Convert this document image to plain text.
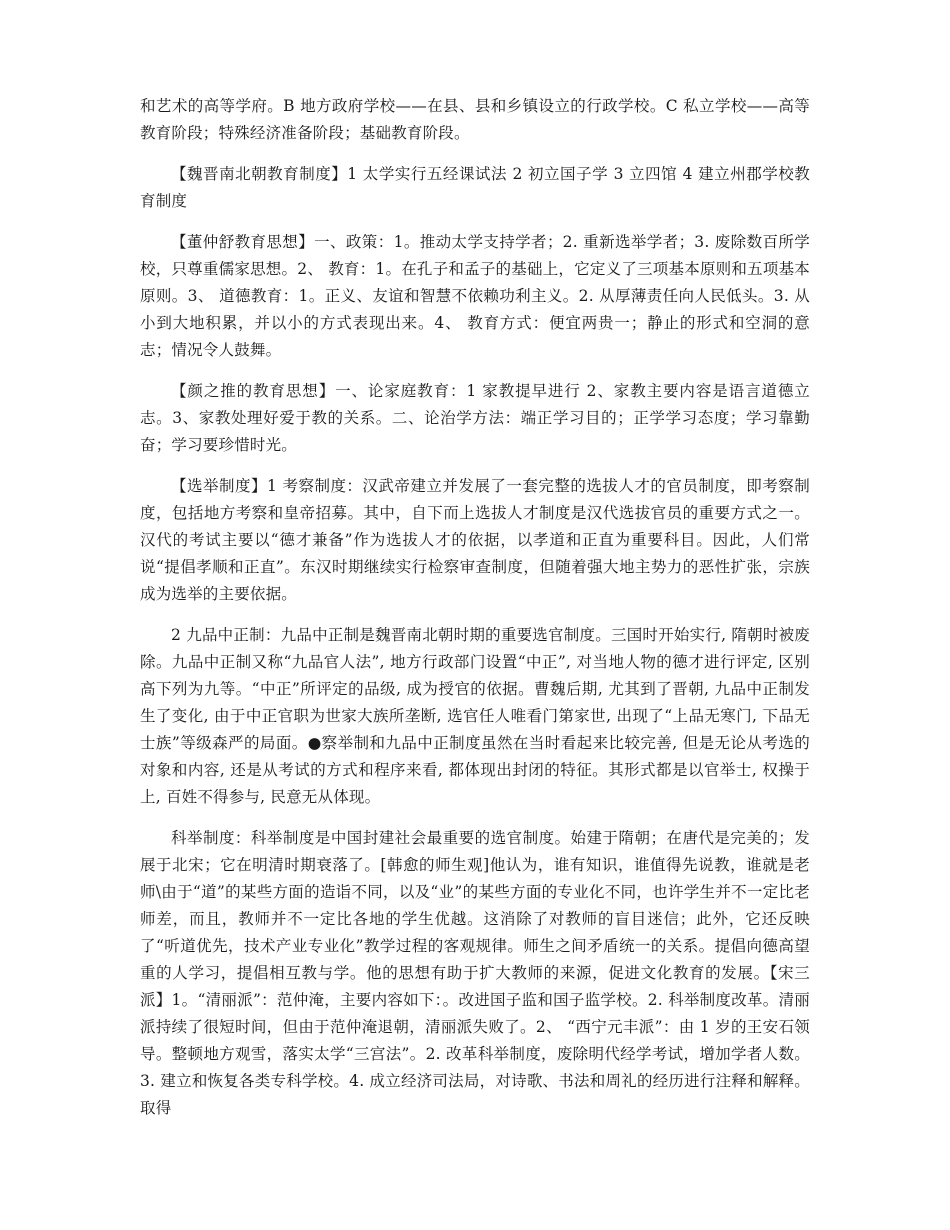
和艺术的高等学府。B 地方政府学校——在县、县和乡镇设立的行政学校。C 私立学校——高等教育阶段；特殊经济准备阶段；基础教育阶段。

【魏晋南北朝教育制度】1 太学实行五经课试法 2 初立国子学 3 立四馆 4 建立州郡学校教育制度

【董仲舒教育思想】一、政策：1。推动太学支持学者；2. 重新选举学者；3. 废除数百所学校，只尊重儒家思想。2、 教育：1。在孔子和孟子的基础上，它定义了三项基本原则和五项基本原则。3、 道德教育：1。正义、友谊和智慧不依赖功利主义。2. 从厚薄责任向人民低头。3. 从小到大地积累，并以小的方式表现出来。4、 教育方式：便宜两贵一；静止的形式和空洞的意志；情况令人鼓舞。

【颜之推的教育思想】一、论家庭教育：1 家教提早进行 2、家教主要内容是语言道德立志。3、家教处理好爱于教的关系。二、论治学方法：端正学习目的；正学学习态度；学习靠勤奋；学习要珍惜时光。

【选举制度】1 考察制度：汉武帝建立并发展了一套完整的选拔人才的官员制度，即考察制度，包括地方考察和皇帝招募。其中，自下而上选拔人才制度是汉代选拔官员的重要方式之一。汉代的考试主要以“德才兼备”作为选拔人才的依据，以孝道和正直为重要科目。因此，人们常说“提倡孝顺和正直”。东汉时期继续实行检察审查制度，但随着强大地主势力的恶性扩张，宗族成为选举的主要依据。

2 九品中正制：九品中正制是魏晋南北朝时期的重要选官制度。三国时开始实行, 隋朝时被废除。九品中正制又称“九品官人法”, 地方行政部门设置“中正”, 对当地人物的德才进行评定, 区别高下列为九等。“中正”所评定的品级, 成为授官的依据。曹魏后期, 尤其到了晋朝, 九品中正制发生了变化, 由于中正官职为世家大族所垄断, 选官任人唯看门第家世, 出现了“上品无寒门, 下品无士族”等级森严的局面。●察举制和九品中正制度虽然在当时看起来比较完善, 但是无论从考选的对象和内容, 还是从考试的方式和程序来看, 都体现出封闭的特征。其形式都是以官举士, 权操于上, 百姓不得参与, 民意无从体现。

科举制度：科举制度是中国封建社会最重要的选官制度。始建于隋朝；在唐代是完美的；发展于北宋；它在明清时期衰落了。[韩愈的师生观]他认为，谁有知识，谁值得先说教，谁就是老师\由于“道”的某些方面的造诣不同，以及“业”的某些方面的专业化不同，也许学生并不一定比老师差，而且，教师并不一定比各地的学生优越。这消除了对教师的盲目迷信；此外，它还反映了“听道优先，技术产业专业化”教学过程的客观规律。师生之间矛盾统一的关系。提倡向德高望重的人学习，提倡相互教与学。他的思想有助于扩大教师的来源，促进文化教育的发展。【宋三派】1。“清丽派”：范仲淹，主要内容如下：。改进国子监和国子监学校。2. 科举制度改革。清丽派持续了很短时间，但由于范仲淹退朝，清丽派失败了。2、 “西宁元丰派”：由 1 岁的王安石领导。整顿地方观雪，落实太学“三宫法”。2. 改革科举制度，废除明代经学考试，增加学者人数。3. 建立和恢复各类专科学校。4. 成立经济司法局，对诗歌、书法和周礼的经历进行注释和解释。取得
